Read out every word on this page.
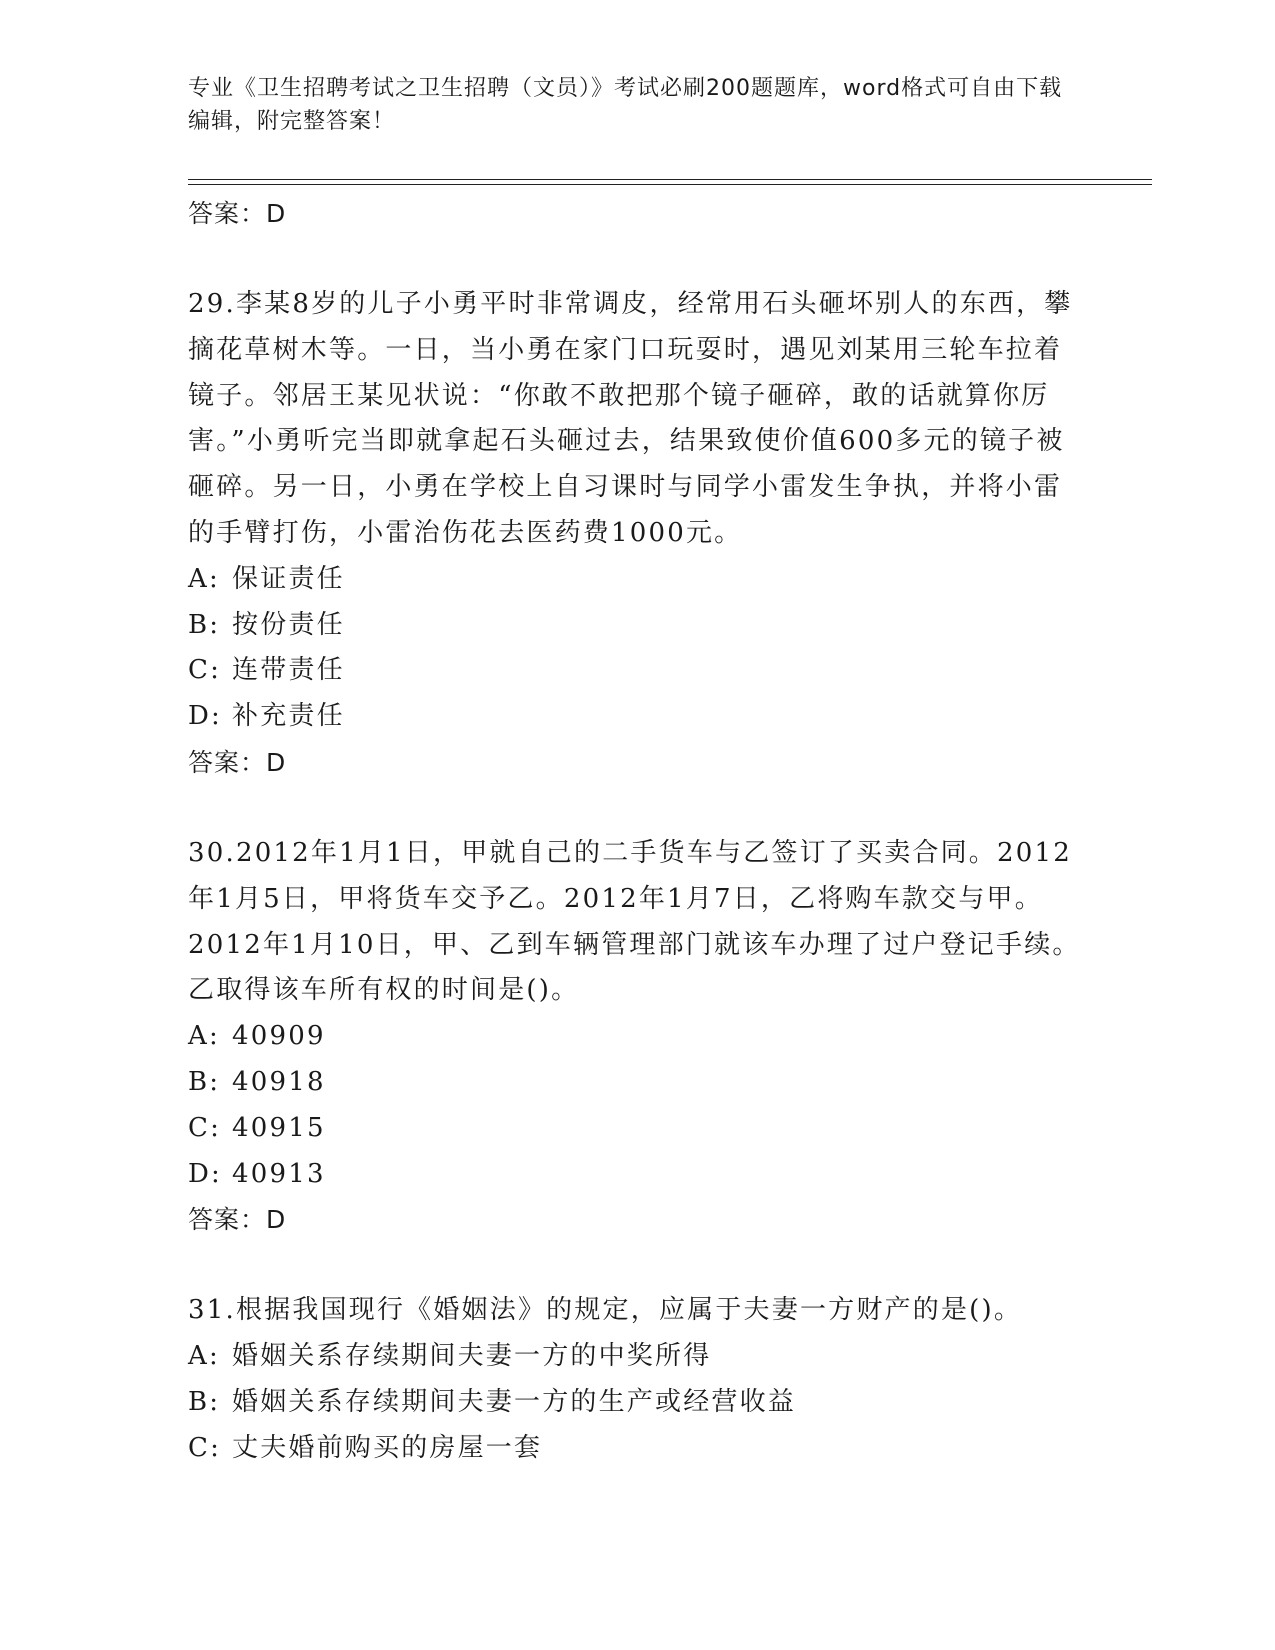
专业《卫生招聘考试之卫生招聘（文员）》考试必刷200题题库，word格式可自由下载编辑，附完整答案！
答案：D
29.李某8岁的儿子小勇平时非常调皮，经常用石头砸坏别人的东西，攀摘花草树木等。一日，当小勇在家门口玩耍时，遇见刘某用三轮车拉着镜子。邻居王某见状说：“你敢不敢把那个镜子砸碎，敢的话就算你厉害。”小勇听完当即就拿起石头砸过去，结果致使价值600多元的镜子被砸碎。另一日，小勇在学校上自习课时与同学小雷发生争执，并将小雷的手臂打伤，小雷治伤花去医药费1000元。
A: 保证责任
B: 按份责任
C: 连带责任
D: 补充责任
答案：D
30.2012年1月1日，甲就自己的二手货车与乙签订了买卖合同。2012年1月5日，甲将货车交予乙。2012年1月7日，乙将购车款交与甲。2012年1月10日，甲、乙到车辆管理部门就该车办理了过户登记手续。乙取得该车所有权的时间是()。
A: 40909
B: 40918
C: 40915
D: 40913
答案：D
31.根据我国现行《婚姻法》的规定，应属于夫妻一方财产的是()。
A: 婚姻关系存续期间夫妻一方的中奖所得
B: 婚姻关系存续期间夫妻一方的生产或经营收益
C: 丈夫婚前购买的房屋一套
